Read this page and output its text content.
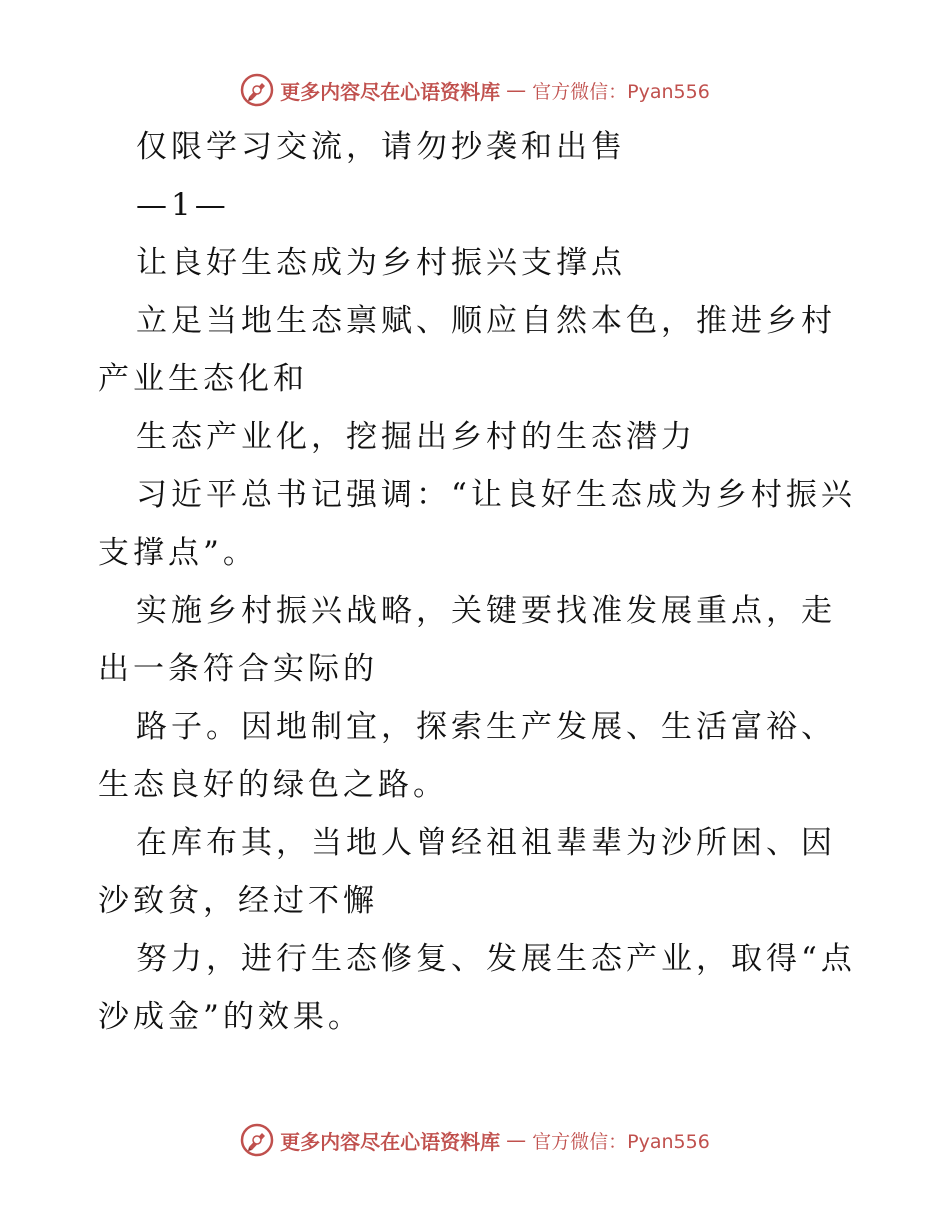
更多内容尽在心语资料库 — 官方微信：Pyan556

仅限学习交流，请勿抄袭和出售

—1—

让良好生态成为乡村振兴支撑点

立足当地生态禀赋、顺应自然本色，推进乡村产业生态化和

生态产业化，挖掘出乡村的生态潜力

习近平总书记强调：“让良好生态成为乡村振兴支撑点”。

实施乡村振兴战略，关键要找准发展重点，走出一条符合实际的

路子。因地制宜，探索生产发展、生活富裕、生态良好的绿色之路。

在库布其，当地人曾经祖祖辈辈为沙所困、因沙致贫，经过不懈

努力，进行生态修复、发展生态产业，取得“点沙成金”的效果。

更多内容尽在心语资料库 — 官方微信：Pyan556
